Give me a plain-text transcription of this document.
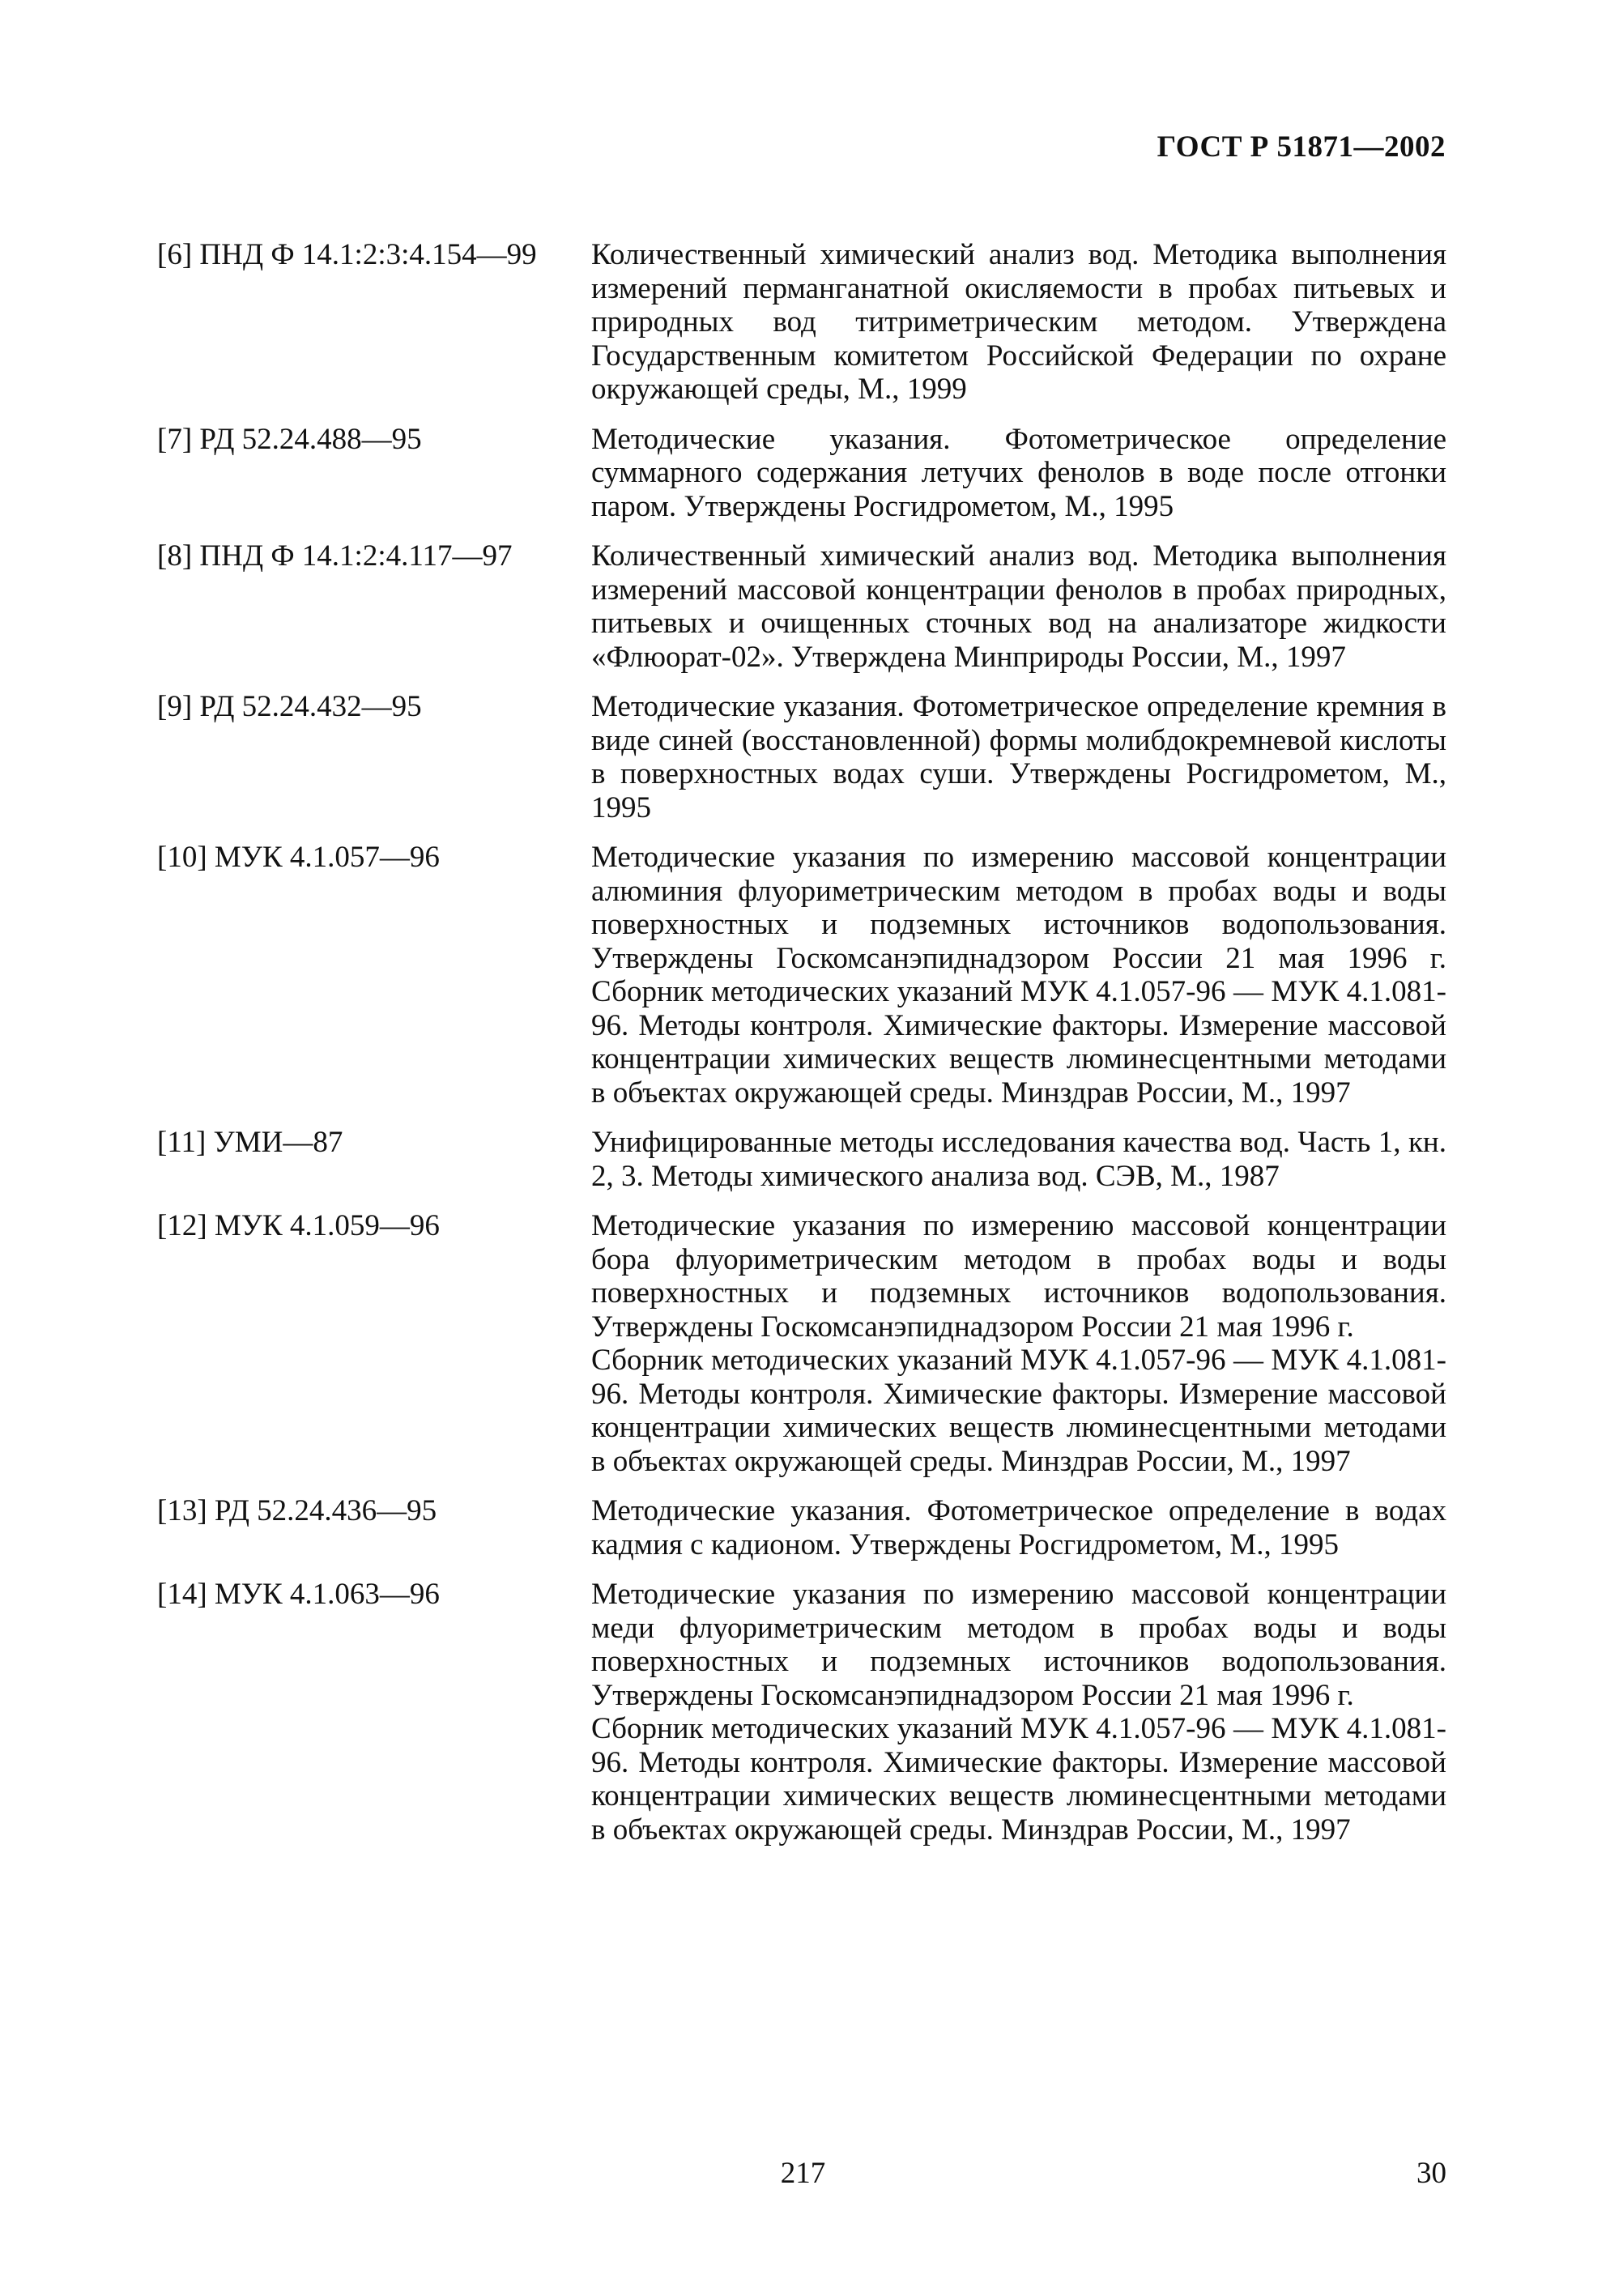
ГОСТ Р 51871—2002
[6] ПНД Ф 14.1:2:3:4.154—99	Количественный химический анализ вод. Методика выполнения измерений перманганатной окисляемости в пробах питьевых и природных вод титриметрическим методом. Утверждена Государственным комитетом Российской Федерации по охране окружающей среды, М., 1999

[7] РД 52.24.488—95	Методические указания. Фотометрическое определение суммарного содержания летучих фенолов в воде после отгонки паром. Утверждены Росгидрометом, М., 1995

[8] ПНД Ф 14.1:2:4.117—97	Количественный химический анализ вод. Методика выполнения измерений массовой концентрации фенолов в пробах природных, питьевых и очищенных сточных вод на анализаторе жидкости «Флюорат-02». Утверждена Минприроды России, М., 1997

[9] РД 52.24.432—95	Методические указания. Фотометрическое определение кремния в виде синей (восстановленной) формы молибдокремневой кислоты в поверхностных водах суши. Утверждены Росгидрометом, М., 1995

[10] МУК 4.1.057—96	Методические указания по измерению массовой концентрации алюминия флуориметрическим методом в пробах воды и воды поверхностных и подземных источников водопользования. Утверждены Госкомсанэпиднадзором России 21 мая 1996 г. Сборник методических указаний МУК 4.1.057-96 — МУК 4.1.081-96. Методы контроля. Химические факторы. Измерение массовой концентрации химических веществ люминесцентными методами в объектах окружающей среды. Минздрав России, М., 1997

[11] УМИ—87	Унифицированные методы исследования качества вод. Часть 1, кн. 2, 3. Методы химического анализа вод. СЭВ, М., 1987

[12] МУК 4.1.059—96	Методические указания по измерению массовой концентрации бора флуориметрическим методом в пробах воды и воды поверхностных и подземных источников водопользования. Утверждены Госкомсанэпиднадзором России 21 мая 1996 г.

Сборник методических указаний МУК 4.1.057-96 — МУК 4.1.081-96. Методы контроля. Химические факторы. Измерение массовой концентрации химических веществ люминесцентными методами в объектах окружающей среды. Минздрав России, М., 1997

[13] РД 52.24.436—95	Методические указания. Фотометрическое определение в водах кадмия с кадионом. Утверждены Росгидрометом, М., 1995

[14] МУК 4.1.063—96	Методические указания по измерению массовой концентрации меди флуориметрическим методом в пробах воды и воды поверхностных и подземных источников водопользования. Утверждены Госкомсанэпиднадзором России 21 мая 1996 г.

Сборник методических указаний МУК 4.1.057-96 — МУК 4.1.081-96. Методы контроля. Химические факторы. Измерение массовой концентрации химических веществ люминесцентными методами в объектах окружающей среды. Минздрав России, М., 1997

217	30
